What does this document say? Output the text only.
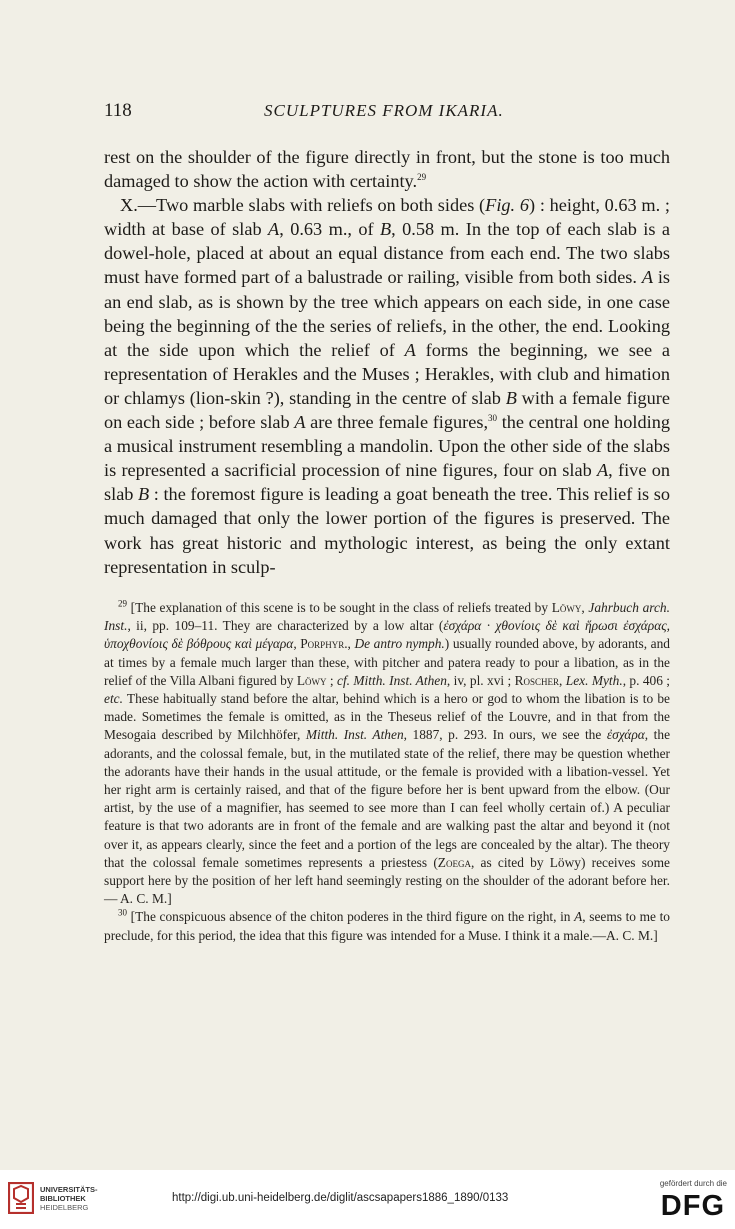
118	SCULPTURES FROM IKARIA.

rest on the shoulder of the figure directly in front, but the stone is too much damaged to show the action with certainty.$^{29}$

X.—Two marble slabs with reliefs on both sides (Fig. 6) : height, 0.63 m. ; width at base of slab A, 0.63 m., of B, 0.58 m. In the top of each slab is a dowel-hole, placed at about an equal distance from each end. The two slabs must have formed part of a balustrade or railing, visible from both sides. A is an end slab, as is shown by the tree which appears on each side, in one case being the beginning of the the series of reliefs, in the other, the end. Looking at the side upon which the relief of A forms the beginning, we see a representation of Herakles and the Muses ; Herakles, with club and himation or chlamys (lion-skin ?), standing in the centre of slab B with a female figure on each side ; before slab A are three female figures,$^{30}$ the central one holding a musical instrument resembling a mandolin. Upon the other side of the slabs is represented a sacrificial procession of nine figures, four on slab A, five on slab B : the foremost figure is leading a goat beneath the tree. This relief is so much damaged that only the lower portion of the figures is preserved. The work has great historic and mythologic interest, as being the only extant representation in sculp-

$^{29}$ [The explanation of this scene is to be sought in the class of reliefs treated by Löwy, Jahrbuch arch. Inst., ii, pp. 109–11. They are characterized by a low altar (ἐσχάρα · χθονίοις δὲ καὶ ἥρωσι ἐσχάρας, ὑποχθονίοις δὲ βόθρους καὶ μέγαρα, Porphyr., De antro nymph.) usually rounded above, by adorants, and at times by a female much larger than these, with pitcher and patera ready to pour a libation, as in the relief of the Villa Albani figured by Löwy ; cf. Mitth. Inst. Athen, iv, pl. xvi ; Roscher, Lex. Myth., p. 406 ; etc. These habitually stand before the altar, behind which is a hero or god to whom the libation is to be made. Sometimes the female is omitted, as in the Theseus relief of the Louvre, and in that from the Mesogaia described by Milchhöfer, Mitth. Inst. Athen, 1887, p. 293. In ours, we see the ἐσχάρα, the adorants, and the colossal female, but, in the mutilated state of the relief, there may be question whether the adorants have their hands in the usual attitude, or the female is provided with a libation-vessel. Yet her right arm is certainly raised, and that of the figure before her is bent upward from the elbow. (Our artist, by the use of a magnifier, has seemed to see more than I can feel wholly certain of.) A peculiar feature is that two adorants are in front of the female and are walking past the altar and beyond it (not over it, as appears clearly, since the feet and a portion of the legs are concealed by the altar). The theory that the colossal female sometimes represents a priestess (Zoega, as cited by Löwy) receives some support here by the position of her left hand seemingly resting on the shoulder of the adorant before her.— A. C. M.]

$^{30}$ [The conspicuous absence of the chiton poderes in the third figure on the right, in A, seems to me to preclude, for this period, the idea that this figure was intended for a Muse. I think it a male.—A. C. M.]

UNIVERSITÄTS-
BIBLIOTHEK
HEIDELBERG
http://digi.ub.uni-heidelberg.de/diglit/ascsapapers1886_1890/0133
gefördert durch die
DFG
